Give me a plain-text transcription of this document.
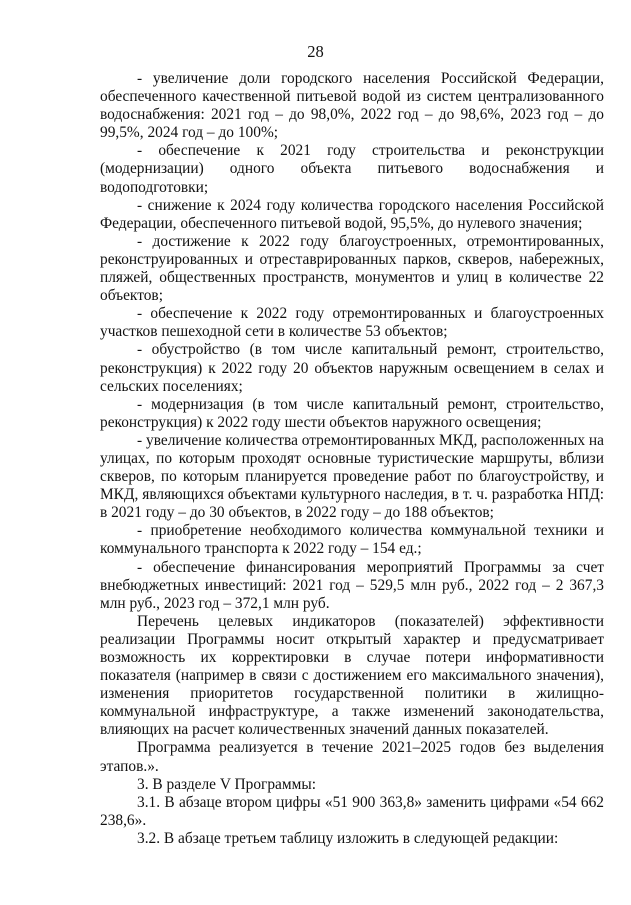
28

- увеличение доли городского населения Российской Федерации, обеспеченного качественной питьевой водой из систем централизованного водоснабжения: 2021 год – до 98,0%, 2022 год – до 98,6%, 2023 год – до 99,5%, 2024 год – до 100%;

- обеспечение к 2021 году строительства и реконструкции (модернизации) одного объекта питьевого водоснабжения и водоподготовки;

- снижение к 2024 году количества городского населения Российской Федерации, обеспеченного питьевой водой, 95,5%, до нулевого значения;

- достижение к 2022 году благоустроенных, отремонтированных, реконструированных и отреставрированных парков, скверов, набережных, пляжей, общественных пространств, монументов и улиц в количестве 22 объектов;

- обеспечение к 2022 году отремонтированных и благоустроенных участков пешеходной сети в количестве 53 объектов;

- обустройство (в том числе капитальный ремонт, строительство, реконструкция) к 2022 году 20 объектов наружным освещением в селах и сельских поселениях;

- модернизация (в том числе капитальный ремонт, строительство, реконструкция) к 2022 году шести объектов наружного освещения;

- увеличение количества отремонтированных МКД, расположенных на улицах, по которым проходят основные туристические маршруты, вблизи скверов, по которым планируется проведение работ по благоустройству, и МКД, являющихся объектами культурного наследия, в т. ч. разработка НПД: в 2021 году – до 30 объектов, в 2022 году – до 188 объектов;

- приобретение необходимого количества коммунальной техники и коммунального транспорта к 2022 году – 154 ед.;

- обеспечение финансирования мероприятий Программы за счет внебюджетных инвестиций: 2021 год – 529,5 млн руб., 2022 год – 2 367,3 млн руб., 2023 год – 372,1 млн руб.

Перечень целевых индикаторов (показателей) эффективности реализации Программы носит открытый характер и предусматривает возможность их корректировки в случае потери информативности показателя (например в связи с достижением его максимального значения), изменения приоритетов государственной политики в жилищно-коммунальной инфраструктуре, а также изменений законодательства, влияющих на расчет количественных значений данных показателей.

Программа реализуется в течение 2021–2025 годов без выделения этапов.».

3. В разделе V Программы:

3.1. В абзаце втором цифры «51 900 363,8» заменить цифрами «54 662 238,6».

3.2. В абзаце третьем таблицу изложить в следующей редакции:
